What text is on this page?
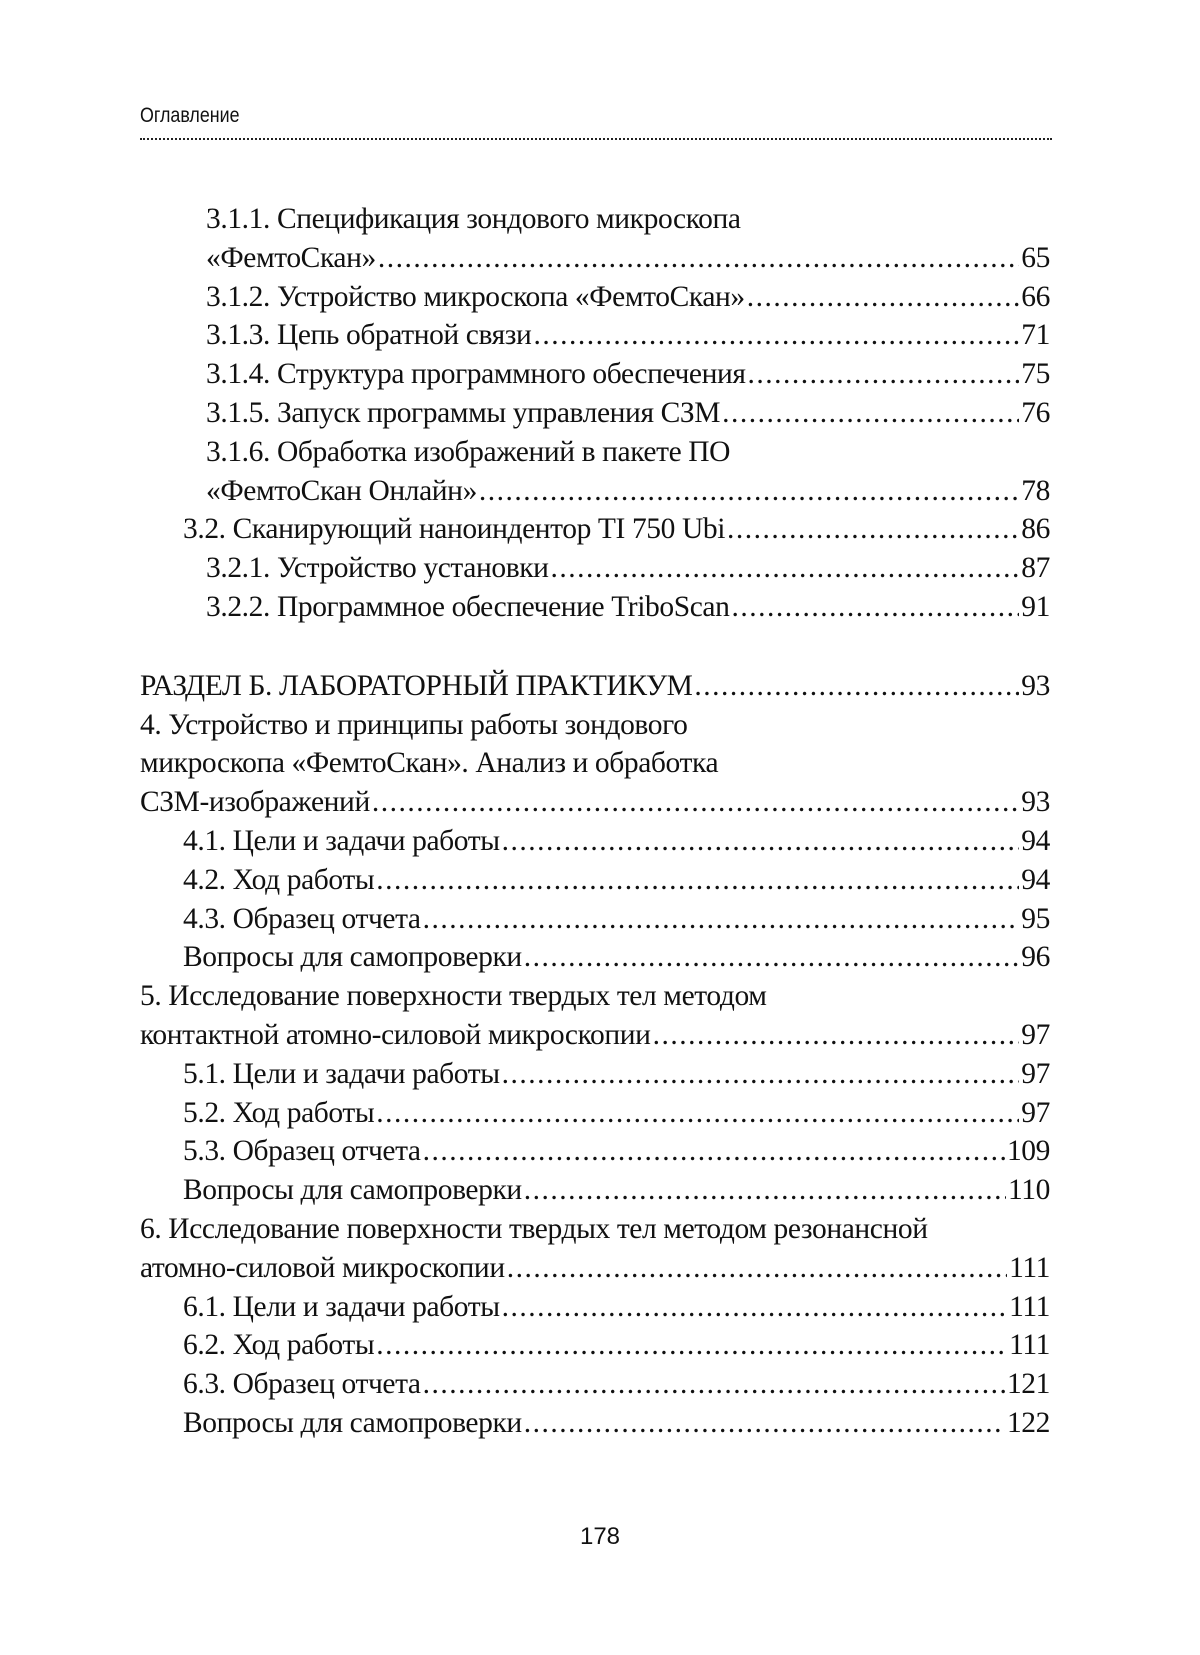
Оглавление
3.1.1. Спецификация зондового микроскопа
«ФемтоСкан» .....	65
3.1.2. Устройство микроскопа «ФемтоСкан» .....	66
3.1.3. Цепь обратной связи .....	71
3.1.4. Структура программного обеспечения .....	75
3.1.5. Запуск программы управления СЗМ .....	76
3.1.6. Обработка изображений в пакете ПО
«ФемтоСкан Онлайн» .....	78
3.2. Сканирующий наноиндентор TI 750 Ubi .....	86
3.2.1. Устройство установки .....	87
3.2.2. Программное обеспечение TriboScan .....	91
РАЗДЕЛ Б. ЛАБОРАТОРНЫЙ ПРАКТИКУМ .....	93
4. Устройство и принципы работы зондового
микроскопа «ФемтоСкан». Анализ и обработка
СЗМ-изображений .....	93
4.1. Цели и задачи работы .....	94
4.2. Ход работы .....	94
4.3. Образец отчета .....	95
Вопросы для самопроверки .....	96
5. Исследование поверхности твердых тел методом
контактной атомно-силовой микроскопии .....	97
5.1. Цели и задачи работы .....	97
5.2. Ход работы .....	97
5.3. Образец отчета .....	109
Вопросы для самопроверки .....	110
6. Исследование поверхности твердых тел методом резонансной
атомно-силовой микроскопии .....	111
6.1. Цели и задачи работы .....	111
6.2. Ход работы .....	111
6.3. Образец отчета .....	121
Вопросы для самопроверки .....	122
178
